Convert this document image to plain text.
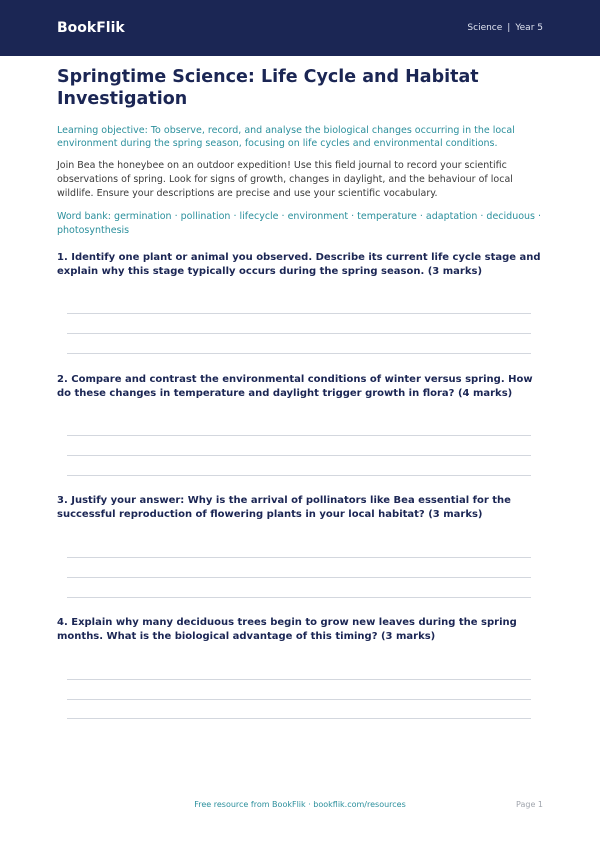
BookFlik	Science | Year 5
Springtime Science: Life Cycle and Habitat Investigation

Learning objective: To observe, record, and analyse the biological changes occurring in the local environment during the spring season, focusing on life cycles and environmental conditions.

Join Bea the honeybee on an outdoor expedition! Use this field journal to record your scientific observations of spring. Look for signs of growth, changes in daylight, and the behaviour of local wildlife. Ensure your descriptions are precise and use your scientific vocabulary.

Word bank: germination · pollination · lifecycle · environment · temperature · adaptation · deciduous · photosynthesis

1. Identify one plant or animal you observed. Describe its current life cycle stage and explain why this stage typically occurs during the spring season. (3 marks)

2. Compare and contrast the environmental conditions of winter versus spring. How do these changes in temperature and daylight trigger growth in flora? (4 marks)

3. Justify your answer: Why is the arrival of pollinators like Bea essential for the successful reproduction of flowering plants in your local habitat? (3 marks)

4. Explain why many deciduous trees begin to grow new leaves during the spring months. What is the biological advantage of this timing? (3 marks)

Free resource from BookFlik · bookflik.com/resources	Page 1
